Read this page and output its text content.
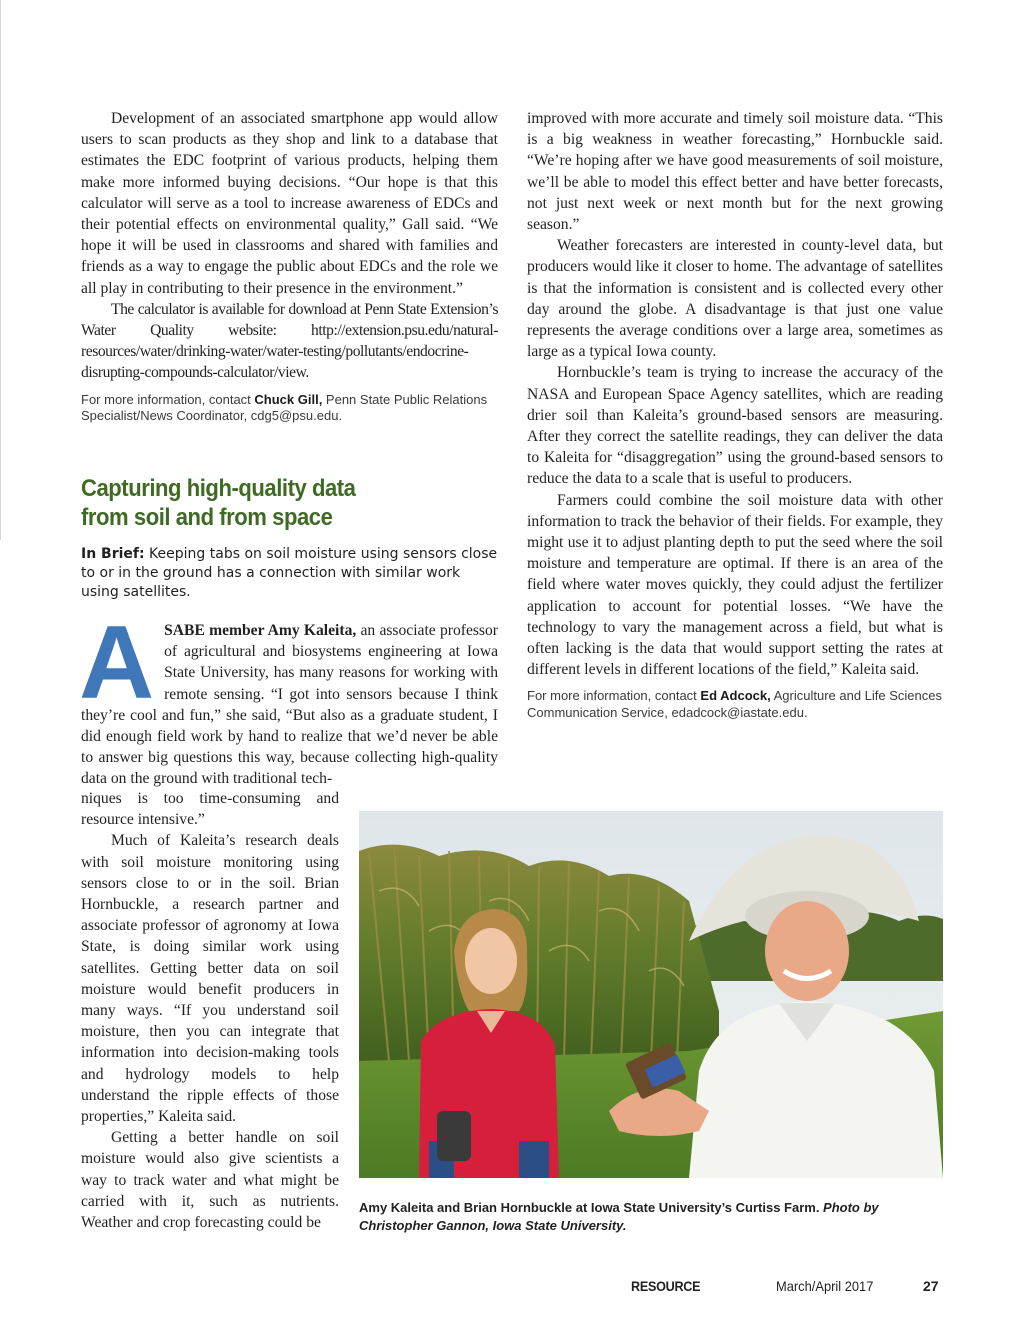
Development of an associated smartphone app would allow users to scan products as they shop and link to a database that estimates the EDC footprint of various products, helping them make more informed buying decisions. “Our hope is that this calculator will serve as a tool to increase awareness of EDCs and their potential effects on environmental quality,” Gall said. “We hope it will be used in classrooms and shared with families and friends as a way to engage the public about EDCs and the role we all play in contributing to their presence in the environment.”

The calculator is available for download at Penn State Extension’s Water Quality website: http://extension.psu.edu/natural-resources/water/drinking-water/water-testing/pollutants/endocrine-disrupting-compounds-calculator/view.

For more information, contact Chuck Gill, Penn State Public Relations Specialist/News Coordinator, cdg5@psu.edu.
Capturing high-quality data
from soil and from space
In Brief: Keeping tabs on soil moisture using sensors close to or in the ground has a connection with similar work using satellites.

ASABE member Amy Kaleita, an associate professor of agricultural and biosystems engineering at Iowa State University, has many reasons for working with remote sensing. “I got into sensors because I think they’re cool and fun,” she said, “But also as a graduate student, I did enough field work by hand to realize that we’d never be able to answer big questions this way, because collecting high-quality data on the ground with traditional tech-

niques is too time-consuming and resource intensive.”

Much of Kaleita’s research deals with soil moisture monitoring using sensors close to or in the soil. Brian Hornbuckle, a research partner and associate professor of agronomy at Iowa State, is doing similar work using satellites. Getting better data on soil moisture would benefit producers in many ways. “If you understand soil moisture, then you can integrate that information into decision-making tools and hydrology models to help understand the ripple effects of those properties,” Kaleita said.

Getting a better handle on soil moisture would also give scientists a way to track water and what might be carried with it, such as nutrients. Weather and crop forecasting could be

improved with more accurate and timely soil moisture data. “This is a big weakness in weather forecasting,” Hornbuckle said. “We’re hoping after we have good measurements of soil moisture, we’ll be able to model this effect better and have better forecasts, not just next week or next month but for the next growing season.”

Weather forecasters are interested in county-level data, but producers would like it closer to home. The advantage of satellites is that the information is consistent and is collected every other day around the globe. A disadvantage is that just one value represents the average conditions over a large area, sometimes as large as a typical Iowa county.

Hornbuckle’s team is trying to increase the accuracy of the NASA and European Space Agency satellites, which are reading drier soil than Kaleita’s ground-based sensors are measuring. After they correct the satellite readings, they can deliver the data to Kaleita for “disaggregation” using the ground-based sensors to reduce the data to a scale that is useful to producers.

Farmers could combine the soil moisture data with other information to track the behavior of their fields. For example, they might use it to adjust planting depth to put the seed where the soil moisture and temperature are optimal. If there is an area of the field where water moves quickly, they could adjust the fertilizer application to account for potential losses. “We have the technology to vary the management across a field, but what is often lacking is the data that would support setting the rates at different levels in different locations of the field,” Kaleita said.

For more information, contact Ed Adcock, Agriculture and Life Sciences Communication Service, edadcock@iastate.edu.
Amy Kaleita and Brian Hornbuckle at Iowa State University’s Curtiss Farm. Photo by Christopher Gannon, Iowa State University.
RESOURCE	March/April 2017	27
